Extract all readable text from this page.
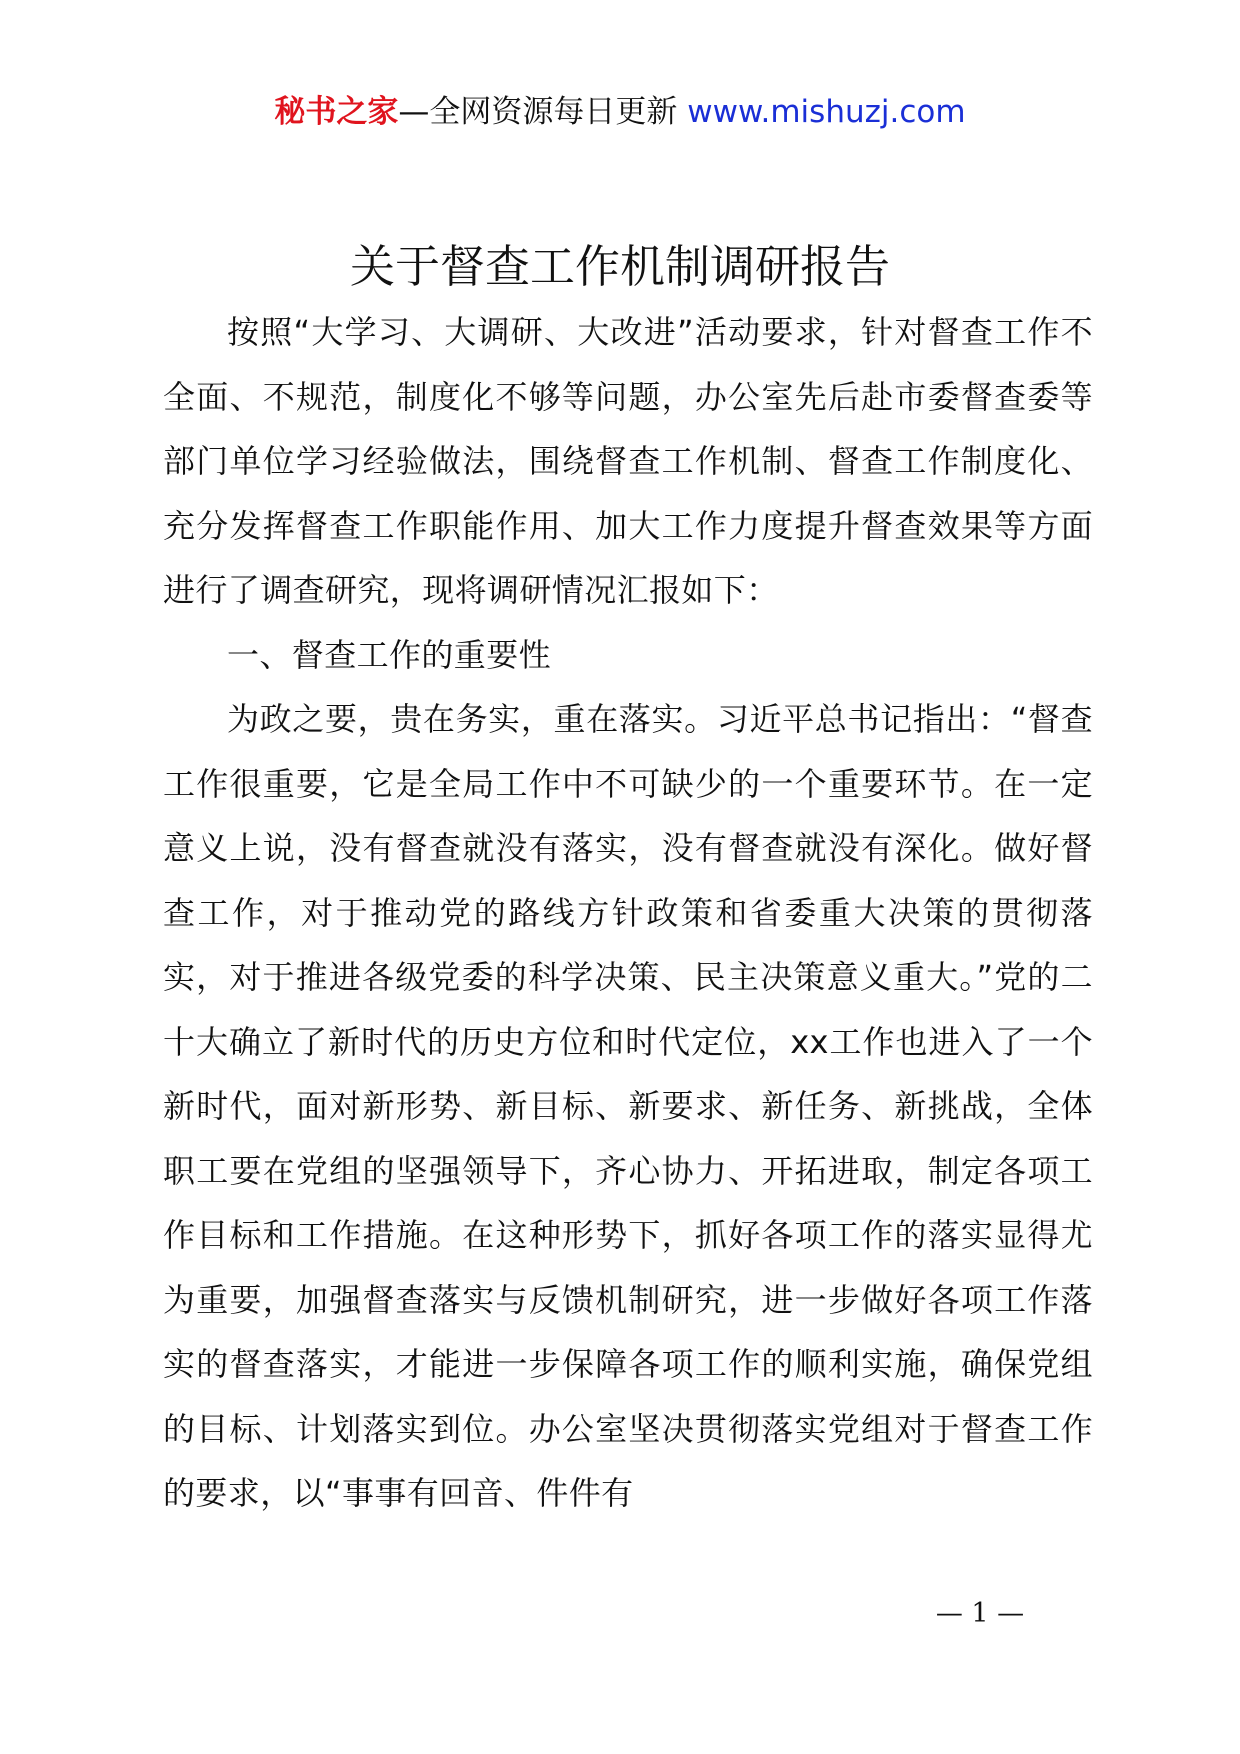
秘书之家—全网资源每日更新 www.mishuzj.com
关于督查工作机制调研报告

按照“大学习、大调研、大改进”活动要求，针对督查工作不全面、不规范，制度化不够等问题，办公室先后赴市委督查委等部门单位学习经验做法，围绕督查工作机制、督查工作制度化、充分发挥督查工作职能作用、加大工作力度提升督查效果等方面进行了调查研究，现将调研情况汇报如下：

一、督查工作的重要性

为政之要，贵在务实，重在落实。习近平总书记指出：“督查工作很重要，它是全局工作中不可缺少的一个重要环节。在一定意义上说，没有督查就没有落实，没有督查就没有深化。做好督查工作，对于推动党的路线方针政策和省委重大决策的贯彻落实，对于推进各级党委的科学决策、民主决策意义重大。”党的二十大确立了新时代的历史方位和时代定位，xx工作也进入了一个新时代，面对新形势、新目标、新要求、新任务、新挑战，全体职工要在党组的坚强领导下，齐心协力、开拓进取，制定各项工作目标和工作措施。在这种形势下，抓好各项工作的落实显得尤为重要，加强督查落实与反馈机制研究，进一步做好各项工作落实的督查落实，才能进一步保障各项工作的顺利实施，确保党组的目标、计划落实到位。办公室坚决贯彻落实党组对于督查工作的要求，以“事事有回音、件件有

— 1 —
